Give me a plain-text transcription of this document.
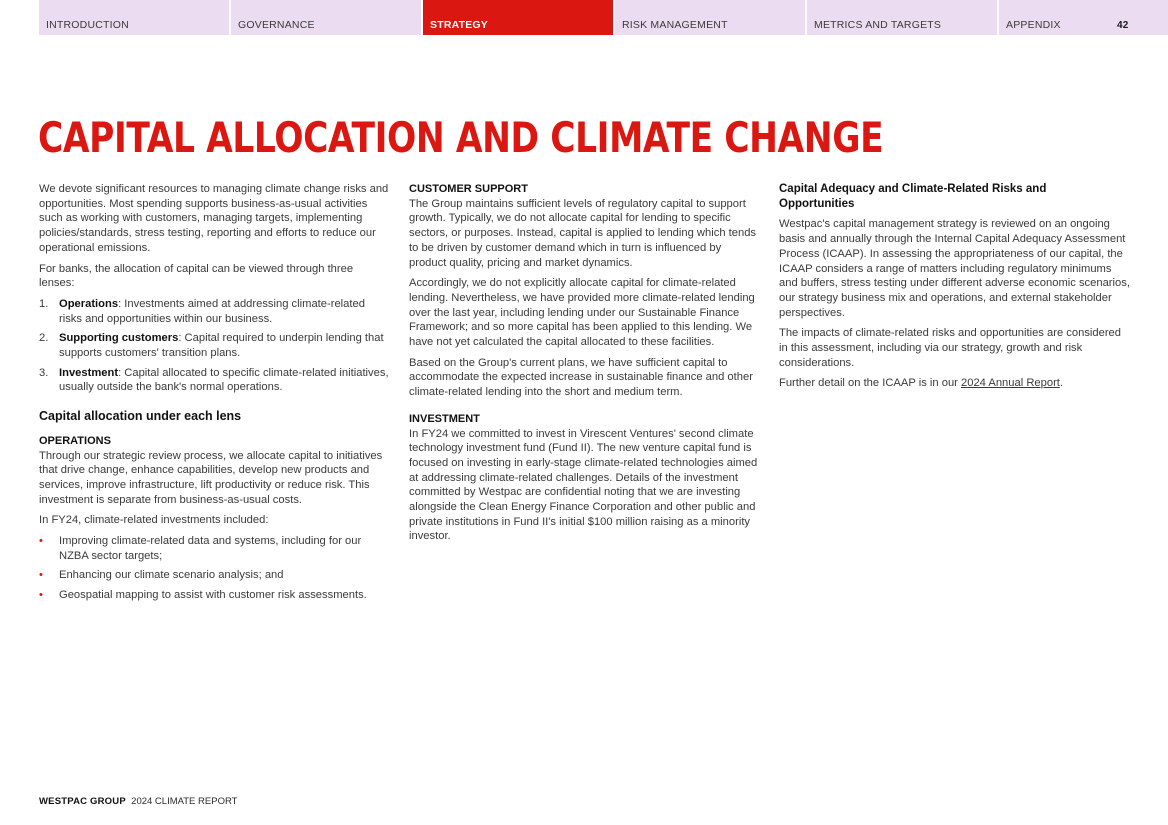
INTRODUCTION	GOVERNANCE	STRATEGY	RISK MANAGEMENT	METRICS AND TARGETS	APPENDIX	42
CAPITAL ALLOCATION AND CLIMATE CHANGE

We devote significant resources to managing climate change risks and opportunities. Most spending supports business-as-usual activities such as working with customers, managing targets, implementing policies/standards, stress testing, reporting and efforts to reduce our operational emissions.

For banks, the allocation of capital can be viewed through three lenses:

1. Operations: Investments aimed at addressing climate-related risks and opportunities within our business.
2. Supporting customers: Capital required to underpin lending that supports customers' transition plans.
3. Investment: Capital allocated to specific climate-related initiatives, usually outside the bank's normal operations.
Capital allocation under each lens
OPERATIONS

Through our strategic review process, we allocate capital to initiatives that drive change, enhance capabilities, develop new products and services, improve infrastructure, lift productivity or reduce risk. This investment is separate from business-as-usual costs.

In FY24, climate-related investments included:

• Improving climate-related data and systems, including for our NZBA sector targets;
• Enhancing our climate scenario analysis; and
• Geospatial mapping to assist with customer risk assessments.
CUSTOMER SUPPORT

The Group maintains sufficient levels of regulatory capital to support growth. Typically, we do not allocate capital for lending to specific sectors, or purposes. Instead, capital is applied to lending which tends to be driven by customer demand which in turn is influenced by product quality, pricing and market dynamics.

Accordingly, we do not explicitly allocate capital for climate-related lending. Nevertheless, we have provided more climate-related lending over the last year, including lending under our Sustainable Finance Framework; and so more capital has been applied to this lending. We have not yet calculated the capital allocated to these facilities.

Based on the Group's current plans, we have sufficient capital to accommodate the expected increase in sustainable finance and other climate-related lending into the short and medium term.

INVESTMENT

In FY24 we committed to invest in Virescent Ventures' second climate technology investment fund (Fund II). The new venture capital fund is focused on investing in early-stage climate-related technologies aimed at addressing climate-related challenges. Details of the investment committed by Westpac are confidential noting that we are investing alongside the Clean Energy Finance Corporation and other public and private institutions in Fund II's initial $100 million raising as a minority investor.

Capital Adequacy and Climate-Related Risks and Opportunities

Westpac's capital management strategy is reviewed on an ongoing basis and annually through the Internal Capital Adequacy Assessment Process (ICAAP). In assessing the appropriateness of our capital, the ICAAP considers a range of matters including regulatory minimums and buffers, stress testing under different adverse economic scenarios, our strategy business mix and operations, and external stakeholder perspectives.

The impacts of climate-related risks and opportunities are considered in this assessment, including via our strategy, growth and risk considerations.

Further detail on the ICAAP is in our 2024 Annual Report.

WESTPAC GROUP 2024 CLIMATE REPORT
